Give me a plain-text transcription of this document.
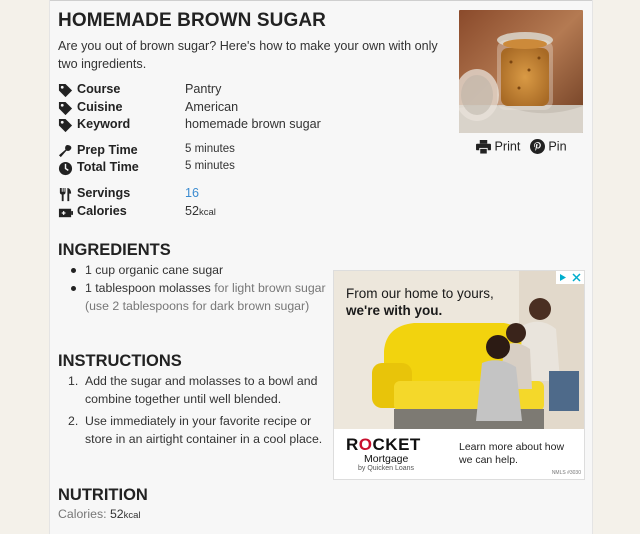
HOMEMADE BROWN SUGAR
Are you out of brown sugar? Here's how to make your own with only two ingredients.
Course	Pantry
Cuisine	American
Keyword	homemade brown sugar
Prep Time	5 minutes
Total Time	5 minutes
Servings	16
Calories	52kcal
Print Pin
INGREDIENTS
1 cup organic cane sugar
1 tablespoon molasses for light brown sugar (use 2 tablespoons for dark brown sugar)
INSTRUCTIONS
1. Add the sugar and molasses to a bowl and combine together until well blended.
2. Use immediately in your favorite recipe or store in an airtight container in a cool place.
NUTRITION
Calories: 52kcal
From our home to yours,
we're with you.
ROCKET
Mortgage
by Quicken Loans
Learn more about how we can help.
NMLS #3030
